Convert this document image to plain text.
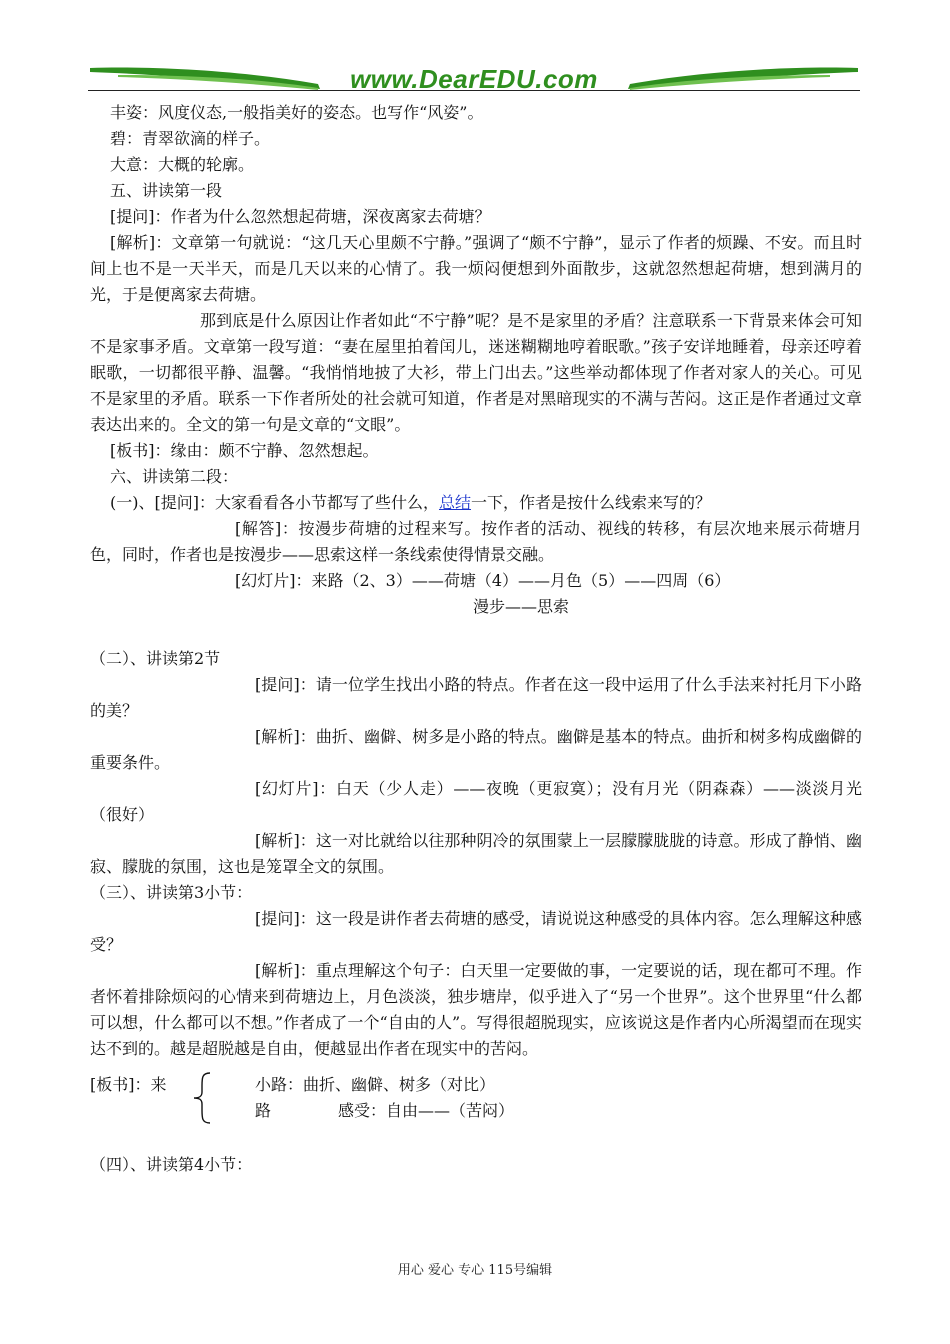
www.DearEDU.com

丰姿：风度仪态,一般指美好的姿态。也写作“风姿”。

碧：青翠欲滴的样子。

大意：大概的轮廓。

五、讲读第一段

[提问]：作者为什么忽然想起荷塘，深夜离家去荷塘？

[解析]：文章第一句就说：“这几天心里颇不宁静。”强调了“颇不宁静”，显示了作者的烦躁、不安。而且时间上也不是一天半天，而是几天以来的心情了。我一烦闷便想到外面散步，这就忽然想起荷塘，想到满月的光，于是便离家去荷塘。

那到底是什么原因让作者如此“不宁静”呢？是不是家里的矛盾？注意联系一下背景来体会可知不是家事矛盾。文章第一段写道：“妻在屋里拍着闰儿，迷迷糊糊地哼着眠歌。”孩子安详地睡着，母亲还哼着眠歌，一切都很平静、温馨。“我悄悄地披了大衫，带上门出去。”这些举动都体现了作者对家人的关心。可见不是家里的矛盾。联系一下作者所处的社会就可知道，作者是对黑暗现实的不满与苦闷。这正是作者通过文章表达出来的。全文的第一句是文章的“文眼”。

[板书]：缘由：颇不宁静、忽然想起。

六、讲读第二段：

(一)、[提问]：大家看看各小节都写了些什么，总结一下，作者是按什么线索来写的？

[解答]：按漫步荷塘的过程来写。按作者的活动、视线的转移，有层次地来展示荷塘月色，同时，作者也是按漫步——思索这样一条线索使得情景交融。

[幻灯片]：来路（2、3）——荷塘（4）——月色（5）——四周（6）

漫步——思索

（二）、讲读第2节

[提问]：请一位学生找出小路的特点。作者在这一段中运用了什么手法来衬托月下小路的美？

[解析]：曲折、幽僻、树多是小路的特点。幽僻是基本的特点。曲折和树多构成幽僻的重要条件。

[幻灯片]：白天（少人走）——夜晚（更寂寞）；没有月光（阴森森）——淡淡月光（很好）

[解析]：这一对比就给以往那种阴冷的氛围蒙上一层朦朦胧胧的诗意。形成了静悄、幽寂、朦胧的氛围，这也是笼罩全文的氛围。

（三）、讲读第3小节：

[提问]：这一段是讲作者去荷塘的感受，请说说这种感受的具体内容。怎么理解这种感受？

[解析]：重点理解这个句子：白天里一定要做的事，一定要说的话，现在都可不理。作者怀着排除烦闷的心情来到荷塘边上，月色淡淡，独步塘岸，似乎进入了“另一个世界”。这个世界里“什么都可以想，什么都可以不想。”作者成了一个“自由的人”。写得很超脱现实，应该说这是作者内心所渴望而在现实达不到的。越是超脱越是自由，便越显出作者在现实中的苦闷。

[板书]：来	小路：曲折、幽僻、树多（对比）
路	感受：自由——（苦闷）

（四）、讲读第4小节：

用心 爱心 专心 115号编辑
